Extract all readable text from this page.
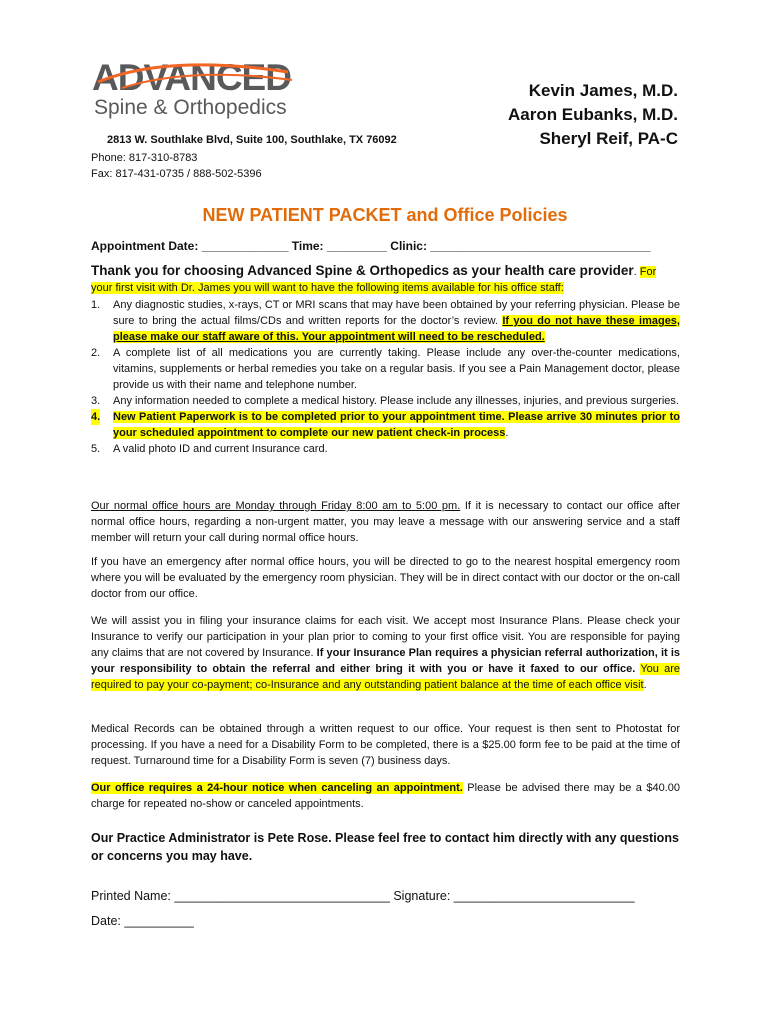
ADVANCED
Spine & Orthopedics
2813 W. Southlake Blvd, Suite 100, Southlake, TX 76092
Phone: 817-310-8783
Fax: 817-431-0735 / 888-502-5396
Kevin James, M.D.
Aaron Eubanks, M.D.
Sheryl Reif, PA-C
NEW PATIENT PACKET and Office Policies
Appointment Date: _____________ Time: _________ Clinic: _________________________________
Thank you for choosing Advanced Spine & Orthopedics as your health care provider. For your first visit with Dr. James you will want to have the following items available for his office staff:
1. Any diagnostic studies, x-rays, CT or MRI scans that may have been obtained by your referring physician. Please be sure to bring the actual films/CDs and written reports for the doctor’s review. If you do not have these images, please make our staff aware of this. Your appointment will need to be rescheduled.
2. A complete list of all medications you are currently taking. Please include any over-the-counter medications, vitamins, supplements or herbal remedies you take on a regular basis. If you see a Pain Management doctor, please provide us with their name and telephone number.
3. Any information needed to complete a medical history. Please include any illnesses, injuries, and previous surgeries.
4. New Patient Paperwork is to be completed prior to your appointment time. Please arrive 30 minutes prior to your scheduled appointment to complete our new patient check-in process.
5. A valid photo ID and current Insurance card.
Our normal office hours are Monday through Friday 8:00 am to 5:00 pm. If it is necessary to contact our office after normal office hours, regarding a non-urgent matter, you may leave a message with our answering service and a staff member will return your call during normal office hours.
If you have an emergency after normal office hours, you will be directed to go to the nearest hospital emergency room where you will be evaluated by the emergency room physician. They will be in direct contact with our doctor or the on-call doctor from our office.
We will assist you in filing your insurance claims for each visit. We accept most Insurance Plans. Please check your Insurance to verify our participation in your plan prior to coming to your first office visit. You are responsible for paying any claims that are not covered by Insurance. If your Insurance Plan requires a physician referral authorization, it is your responsibility to obtain the referral and either bring it with you or have it faxed to our office. You are required to pay your co-payment; co-Insurance and any outstanding patient balance at the time of each office visit.
Medical Records can be obtained through a written request to our office. Your request is then sent to Photostat for processing. If you have a need for a Disability Form to be completed, there is a $25.00 form fee to be paid at the time of request. Turnaround time for a Disability Form is seven (7) business days.
Our office requires a 24-hour notice when canceling an appointment. Please be advised there may be a $40.00 charge for repeated no-show or canceled appointments.
Our Practice Administrator is Pete Rose. Please feel free to contact him directly with any questions or concerns you may have.
Printed Name: _______________________________ Signature: __________________________
Date: __________
